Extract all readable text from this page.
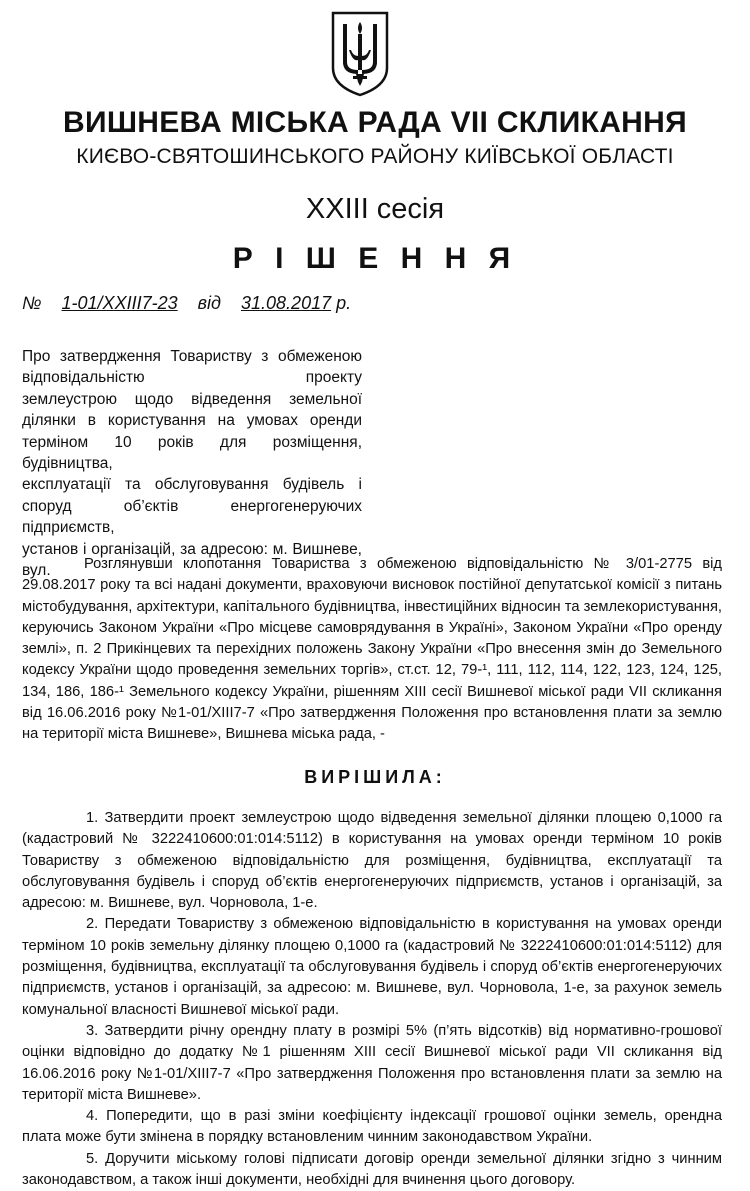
ВИШНЕВА МІСЬКА РАДА VІІ СКЛИКАННЯ
КИЄВО-СВЯТОШИНСЬКОГО РАЙОНУ КИЇВСЬКОЇ ОБЛАСТІ
ХХІІІ сесія
Р І Ш Е Н Н Я
№ 1-01/XXIII7-23 від 31.08.2017 р.
Про затвердження Товариству з обмеженою
відповідальністю проекту
землеустрою щодо відведення земельної
ділянки в користування на умовах оренди
терміном 10 років для розміщення, будівництва,
експлуатації та обслуговування будівель і
споруд об’єктів енергогенеруючих підприємств,
установ і організацій, за адресою: м. Вишневе,
вул.	Розглянувши клопотання Товариства з обмеженою відповідальністю № 3/01-2775 від 29.08.2017 року та всі надані документи, враховуючи висновок постійної депутатської комісії з питань містобудування, архітектури, капітального будівництва, інвестиційних відносин та землекористування, керуючись Законом України «Про місцеве самоврядування в Україні», Законом України «Про оренду землі», п. 2 Прикінцевих та перехідних положень Закону України «Про внесення змін до Земельного кодексу України щодо проведення земельних торгів», ст.ст. 12, 79-¹, 111, 112, 114, 122, 123, 124, 125, 134, 186, 186-¹ Земельного кодексу України, рішенням ХІІІ сесії Вишневої міської ради VІІ скликання від 16.06.2016 року №1-01/XIII7-7 «Про затвердження Положення про встановлення плати за землю на території міста Вишневе», Вишнева міська рада, -

ВИРІШИЛА:

1. Затвердити проект землеустрою щодо відведення земельної ділянки площею 0,1000 га (кадастровий № 3222410600:01:014:5112) в користування на умовах оренди терміном 10 років Товариству з обмеженою відповідальністю для розміщення, будівництва, експлуатації та обслуговування будівель і споруд об’єктів енергогенеруючих підприємств, установ і організацій, за адресою: м. Вишневе, вул. Чорновола, 1-е.

2. Передати Товариству з обмеженою відповідальністю в користування на умовах оренди терміном 10 років земельну ділянку площею 0,1000 га (кадастровий № 3222410600:01:014:5112) для розміщення, будівництва, експлуатації та обслуговування будівель і споруд об’єктів енергогенеруючих підприємств, установ і організацій, за адресою: м. Вишневе, вул. Чорновола, 1-е, за рахунок земель комунальної власності Вишневої міської ради.

3. Затвердити річну орендну плату в розмірі 5% (п’ять відсотків) від нормативно-грошової оцінки відповідно до додатку №1 рішенням ХІІІ сесії Вишневої міської ради VІІ скликання від 16.06.2016 року №1-01/XIII7-7 «Про затвердження Положення про встановлення плати за землю на території міста Вишневе».

4. Попередити, що в разі зміни коефіцієнту індексації грошової оцінки земель, орендна плата може бути змінена в порядку встановленим чинним законодавством України.

5. Доручити міському голові підписати договір оренди земельної ділянки згідно з чинним законодавством, а також інші документи, необхідні для вчинення цього договору.
